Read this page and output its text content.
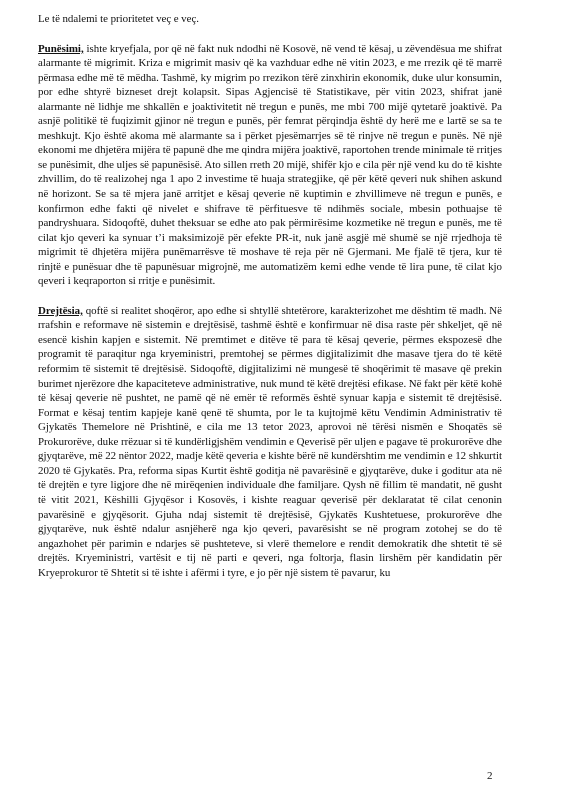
Le të ndalemi te prioritetet veç e veç.

Punësimi, ishte kryefjala, por që në fakt nuk ndodhi në Kosovë, në vend të kësaj, u zëvendësua me shifrat alarmante të migrimit. Kriza e migrimit masiv që ka vazhduar edhe në vitin 2023, e me rrezik që të marrë përmasa edhe më të mëdha. Tashmë, ky migrim po rrezikon tërë zinxhirin ekonomik, duke ulur konsumin, por edhe shtyrë bizneset drejt kolapsit. Sipas Agjencisë të Statistikave, për vitin 2023, shifrat janë alarmante në lidhje me shkallën e joaktivitetit në tregun e punës, me mbi 700 mijë qytetarë joaktivë. Pa asnjë politikë të fuqizimit gjinor në tregun e punës, për femrat përqindja është dy herë me e lartë se sa te meshkujt. Kjo është akoma më alarmante sa i përket pjesëmarrjes së të rinjve në tregun e punës. Në një ekonomi me dhjetëra mijëra të papunë dhe me qindra mijëra joaktivë, raportohen trende minimale të rritjes se punësimit, dhe uljes së papunësisë. Ato sillen rreth 20 mijë, shifër kjo e cila për një vend ku do të kishte zhvillim, do të realizohej nga 1 apo 2 investime të huaja strategjike, që për këtë qeveri nuk shihen askund në horizont. Se sa të mjera janë arritjet e kësaj qeverie në kuptimin e zhvillimeve në tregun e punës, e konfirmon edhe fakti që nivelet e shifrave të përfituesve të ndihmës sociale, mbesin pothuajse të pandryshuara. Sidoqoftë, duhet theksuar se edhe ato pak përmirësime kozmetike në tregun e punës, me të cilat kjo qeveri ka synuar t’i maksimizojë për efekte PR-it, nuk janë asgjë më shumë se një rrjedhoja të migrimit të dhjetëra mijëra punëmarrësve të moshave të reja për në Gjermani. Me fjalë të tjera, kur të rinjtë e punësuar dhe të papunësuar migrojnë, me automatizëm kemi edhe vende të lira pune, të cilat kjo qeveri i keqraporton si rritje e punësimit.

Drejtësia, qoftë si realitet shoqëror, apo edhe si shtyllë shtetërore, karakterizohet me dështim të madh. Në rrafshin e reformave në sistemin e drejtësisë, tashmë është e konfirmuar në disa raste për shkeljet, që në esencë kishin kapjen e sistemit. Në premtimet e ditëve të para të kësaj qeverie, përmes ekspozesë dhe programit të paraqitur nga kryeministri, premtohej se përmes digjitalizimit dhe masave tjera do të këtë reformim të sistemit të drejtësisë. Sidoqoftë, digjitalizimi në mungesë të shoqërimit të masave që prekin burimet njerëzore dhe kapaciteteve administrative, nuk mund të këtë drejtësi efikase. Në fakt për këtë kohë të kësaj qeverie në pushtet, ne pamë që në emër të reformës është synuar kapja e sistemit të drejtësisë. Format e kësaj tentim kapjeje kanë qenë të shumta, por le ta kujtojmë këtu Vendimin Administrativ të Gjykatës Themelore në Prishtinë, e cila me 13 tetor 2023, aprovoi në tërësi nismën e Shoqatës së Prokurorëve, duke rrëzuar si të kundërligjshëm vendimin e Qeverisë për uljen e pagave të prokurorëve dhe gjyqtarëve, më 22 nëntor 2022, madje këtë qeveria e kishte bërë në kundërshtim me vendimin e 12 shkurtit 2020 të Gjykatës. Pra, reforma sipas Kurtit është goditja në pavarësinë e gjyqtarëve, duke i goditur ata në të drejtën e tyre ligjore dhe në mirëqenien individuale dhe familjare. Qysh në fillim të mandatit, në gusht të vitit 2021, Këshilli Gjyqësor i Kosovës, i kishte reaguar qeverisë për deklaratat të cilat cenonin pavarësinë e gjyqësorit. Gjuha ndaj sistemit të drejtësisë, Gjykatës Kushtetuese, prokurorëve dhe gjyqtarëve, nuk është ndalur asnjëherë nga kjo qeveri, pavarësisht se në program zotohej se do të angazhohet për parimin e ndarjes së pushteteve, si vlerë themelore e rendit demokratik dhe shtetit të së drejtës. Kryeministri, vartësit e tij në parti e qeveri, nga foltorja, flasin lirshëm për kandidatin për Kryeprokuror të Shtetit si të ishte i afërmi i tyre, e jo për një sistem të pavarur, ku

2
